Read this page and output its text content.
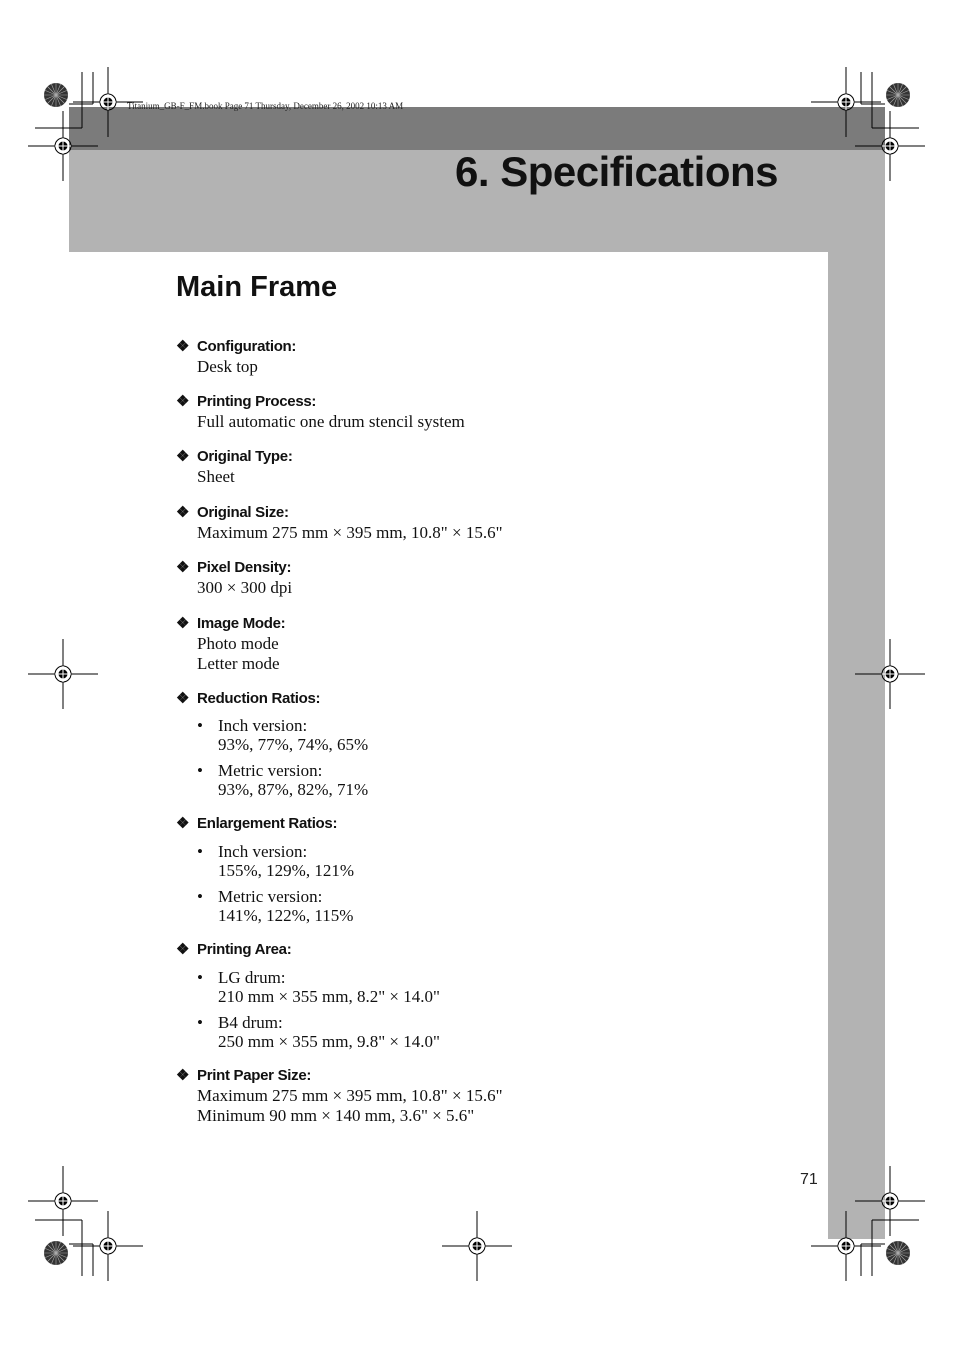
Titanium_GB-F_FM.book Page 71 Thursday, December 26, 2002 10:13 AM
6. Specifications
Main Frame
❖ Configuration:
Desk top
❖ Printing Process:
Full automatic one drum stencil system
❖ Original Type:
Sheet
❖ Original Size:
Maximum 275 mm × 395 mm, 10.8" × 15.6"
❖ Pixel Density:
300 × 300 dpi
❖ Image Mode:
Photo mode
Letter mode
❖ Reduction Ratios:
• Inch version:
93%, 77%, 74%, 65%
• Metric version:
93%, 87%, 82%, 71%
❖ Enlargement Ratios:
• Inch version:
155%, 129%, 121%
• Metric version:
141%, 122%, 115%
❖ Printing Area:
• LG drum:
210 mm × 355 mm, 8.2" × 14.0"
• B4 drum:
250 mm × 355 mm, 9.8" × 14.0"
❖ Print Paper Size:
Maximum 275 mm × 395 mm, 10.8" × 15.6"
Minimum 90 mm × 140 mm, 3.6" × 5.6"
71
